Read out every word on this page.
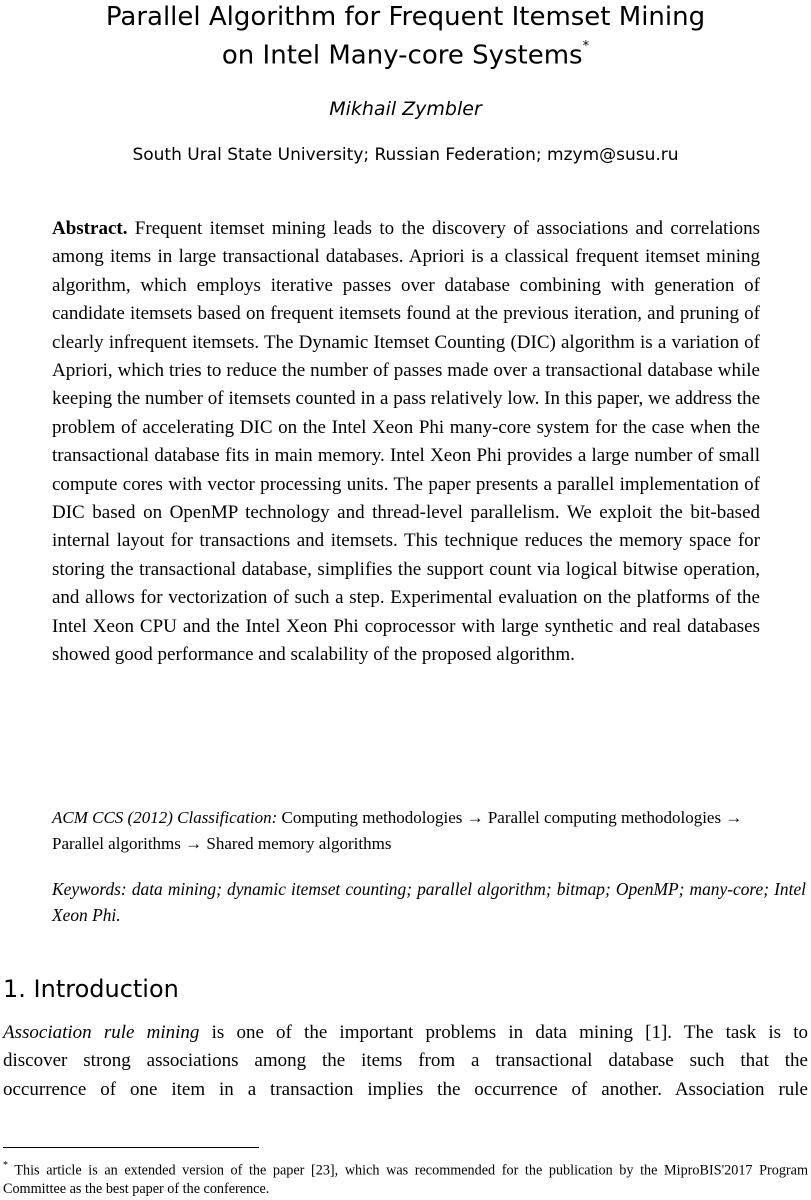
Parallel Algorithm for Frequent Itemset Mining
on Intel Many-core Systems*
Mikhail Zymbler
South Ural State University; Russian Federation; mzym@susu.ru

Abstract. Frequent itemset mining leads to the discovery of associations and correlations among items in large transactional databases. Apriori is a classical frequent itemset mining algorithm, which employs iterative passes over database combining with generation of candidate itemsets based on frequent itemsets found at the previous iteration, and pruning of clearly infrequent itemsets. The Dynamic Itemset Counting (DIC) algorithm is a variation of Apriori, which tries to reduce the number of passes made over a transactional database while keeping the number of itemsets counted in a pass relatively low. In this paper, we address the problem of accelerating DIC on the Intel Xeon Phi many-core system for the case when the transactional database fits in main memory. Intel Xeon Phi provides a large number of small compute cores with vector processing units. The paper presents a parallel implementation of DIC based on OpenMP technology and thread-level parallelism. We exploit the bit-based internal layout for transactions and itemsets. This technique reduces the memory space for storing the transactional database, simplifies the support count via logical bitwise operation, and allows for vectorization of such a step. Experimental evaluation on the platforms of the Intel Xeon CPU and the Intel Xeon Phi coprocessor with large synthetic and real databases showed good performance and scalability of the proposed algorithm.

ACM CCS (2012) Classification: Computing methodologies → Parallel computing methodologies → Parallel algorithms → Shared memory algorithms

Keywords: data mining; dynamic itemset counting; parallel algorithm; bitmap; OpenMP; many-core; Intel Xeon Phi.

1. Introduction

Association rule mining is one of the important problems in data mining [1]. The task is to
discover strong associations among the items from a transactional database such that the
occurrence of one item in a transaction implies the occurrence of another. Association rule

* This article is an extended version of the paper [23], which was recommended for the publication by the MiproBIS'2017 Program Committee as the best paper of the conference.
